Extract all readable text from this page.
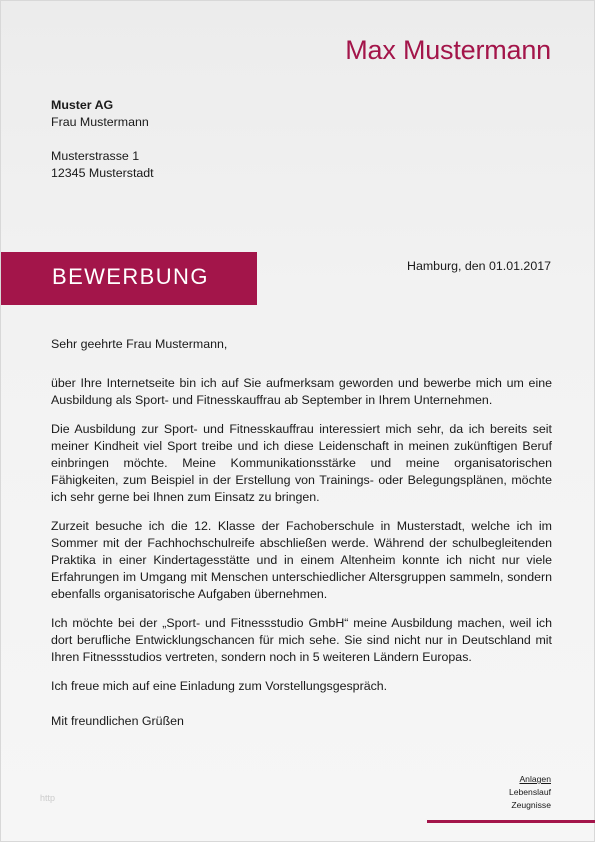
Max Mustermann
Muster AG
Frau Mustermann
Musterstrasse 1
12345 Musterstadt
BEWERBUNG	Hamburg, den 01.01.2017

Sehr geehrte Frau Mustermann,

über Ihre Internetseite bin ich auf Sie aufmerksam geworden und bewerbe mich um eine Ausbildung als Sport- und Fitnesskauffrau ab September in Ihrem Unternehmen.

Die Ausbildung zur Sport- und Fitnesskauffrau interessiert mich sehr, da ich bereits seit meiner Kindheit viel Sport treibe und ich diese Leidenschaft in meinen zukünftigen Beruf einbringen möchte. Meine Kommunikationsstärke und meine organisatorischen Fähigkeiten, zum Beispiel in der Erstellung von Trainings- oder Belegungsplänen, möchte ich sehr gerne bei Ihnen zum Einsatz zu bringen.

Zurzeit besuche ich die 12. Klasse der Fachoberschule in Musterstadt, welche ich im Sommer mit der Fachhochschulreife abschließen werde. Während der schulbegleitenden Praktika in einer Kindertagesstätte und in einem Altenheim konnte ich nicht nur viele Erfahrungen im Umgang mit Menschen unterschiedlicher Altersgruppen sammeln, sondern ebenfalls organisatorische Aufgaben übernehmen.

Ich möchte bei der „Sport- und Fitnessstudio GmbH“ meine Ausbildung machen, weil ich dort berufliche Entwicklungschancen für mich sehe. Sie sind nicht nur in Deutschland mit Ihren Fitnessstudios vertreten, sondern noch in 5 weiteren Ländern Europas.

Ich freue mich auf eine Einladung zum Vorstellungsgespräch.

Mit freundlichen Grüßen

http
Anlagen
Lebenslauf
Zeugnisse
